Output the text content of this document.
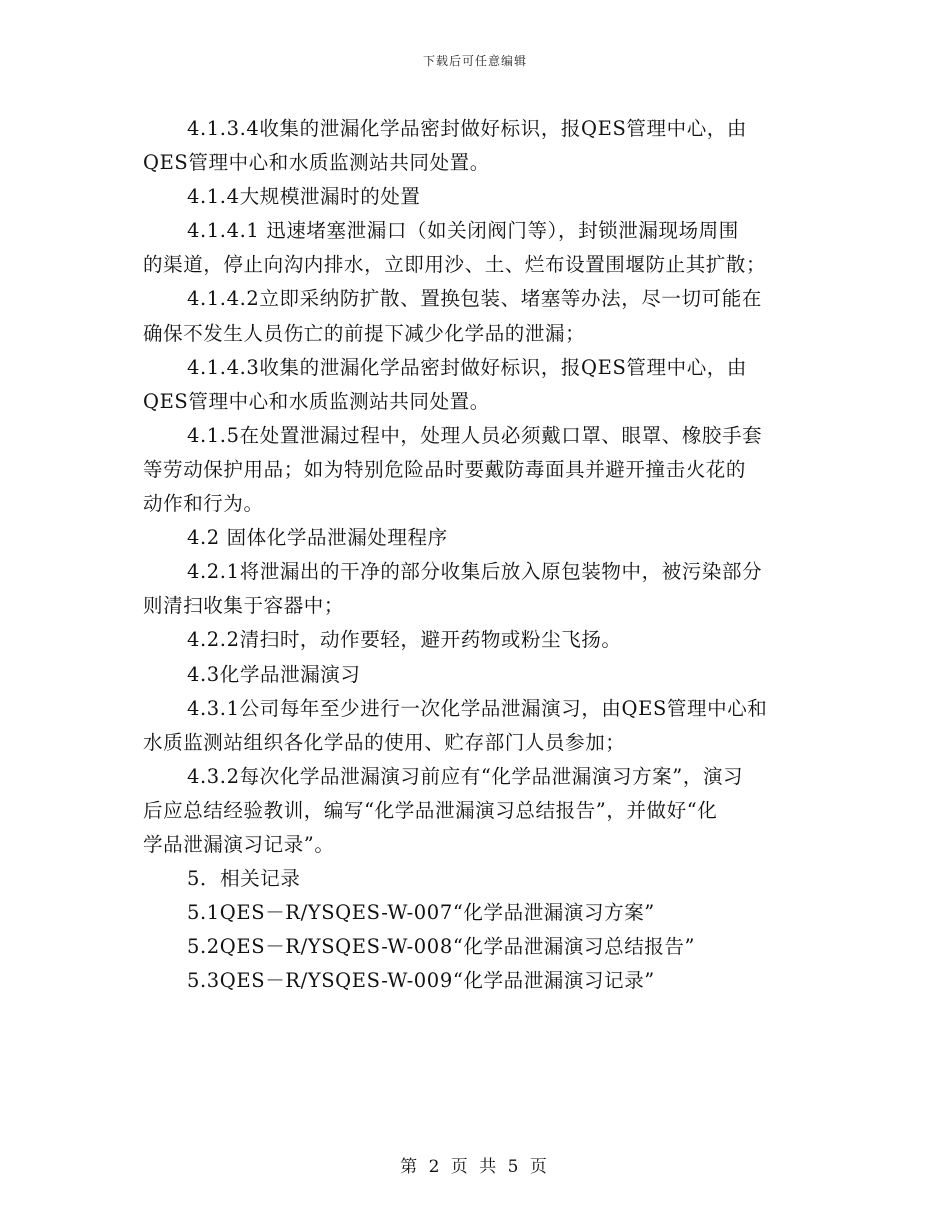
下载后可任意编辑
4.1.3.4收集的泄漏化学品密封做好标识，报QES管理中心，由
QES管理中心和水质监测站共同处置。
4.1.4大规模泄漏时的处置
4.1.4.1 迅速堵塞泄漏口（如关闭阀门等），封锁泄漏现场周围
的渠道，停止向沟内排水，立即用沙、土、烂布设置围堰防止其扩散；
4.1.4.2立即采纳防扩散、置换包装、堵塞等办法，尽一切可能在
确保不发生人员伤亡的前提下减少化学品的泄漏；
4.1.4.3收集的泄漏化学品密封做好标识，报QES管理中心，由
QES管理中心和水质监测站共同处置。
4.1.5在处置泄漏过程中，处理人员必须戴口罩、眼罩、橡胶手套
等劳动保护用品；如为特别危险品时要戴防毒面具并避开撞击火花的
动作和行为。
4.2 固体化学品泄漏处理程序
4.2.1将泄漏出的干净的部分收集后放入原包装物中，被污染部分
则清扫收集于容器中；
4.2.2清扫时，动作要轻，避开药物或粉尘飞扬。
4.3化学品泄漏演习
4.3.1公司每年至少进行一次化学品泄漏演习，由QES管理中心和
水质监测站组织各化学品的使用、贮存部门人员参加；
4.3.2每次化学品泄漏演习前应有“化学品泄漏演习方案”，演习
后应总结经验教训，编写“化学品泄漏演习总结报告”，并做好“化
学品泄漏演习记录”。
5．相关记录
5.1QES－R/YSQES-W-007“化学品泄漏演习方案”
5.2QES－R/YSQES-W-008“化学品泄漏演习总结报告”
5.3QES－R/YSQES-W-009“化学品泄漏演习记录”
第 2 页 共 5 页
